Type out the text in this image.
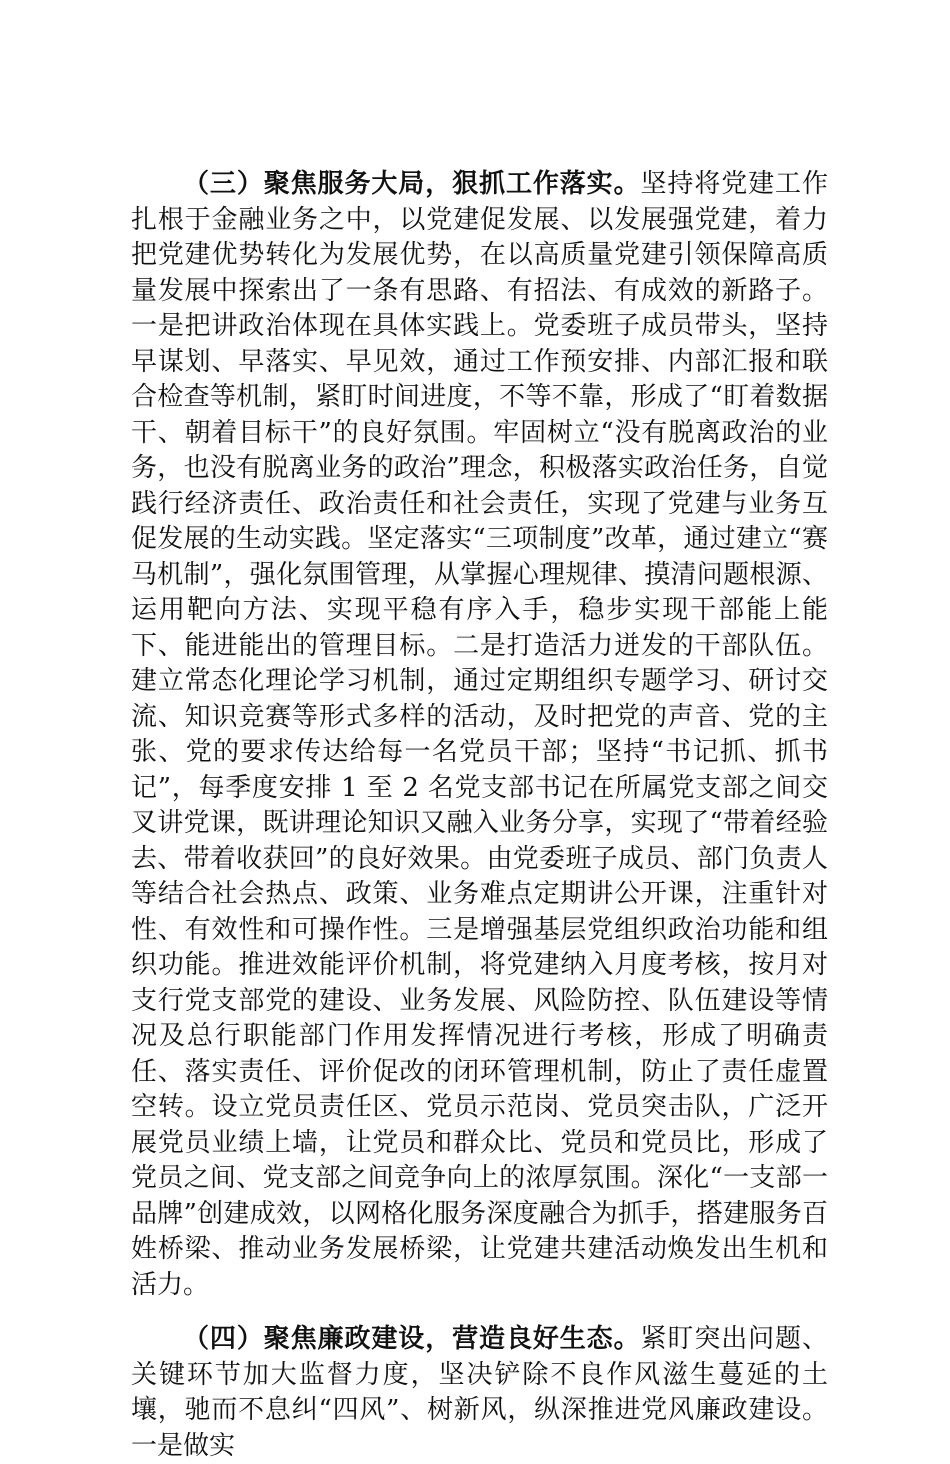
（三）聚焦服务大局，狠抓工作落实。坚持将党建工作扎根于金融业务之中，以党建促发展、以发展强党建，着力把党建优势转化为发展优势，在以高质量党建引领保障高质量发展中探索出了一条有思路、有招法、有成效的新路子。一是把讲政治体现在具体实践上。党委班子成员带头，坚持早谋划、早落实、早见效，通过工作预安排、内部汇报和联合检查等机制，紧盯时间进度，不等不靠，形成了“盯着数据干、朝着目标干”的良好氛围。牢固树立“没有脱离政治的业务，也没有脱离业务的政治”理念，积极落实政治任务，自觉践行经济责任、政治责任和社会责任，实现了党建与业务互促发展的生动实践。坚定落实“三项制度”改革，通过建立“赛马机制”，强化氛围管理，从掌握心理规律、摸清问题根源、运用靶向方法、实现平稳有序入手，稳步实现干部能上能下、能进能出的管理目标。二是打造活力迸发的干部队伍。建立常态化理论学习机制，通过定期组织专题学习、研讨交流、知识竞赛等形式多样的活动，及时把党的声音、党的主张、党的要求传达给每一名党员干部；坚持“书记抓、抓书记”，每季度安排 1 至 2 名党支部书记在所属党支部之间交叉讲党课，既讲理论知识又融入业务分享，实现了“带着经验去、带着收获回”的良好效果。由党委班子成员、部门负责人等结合社会热点、政策、业务难点定期讲公开课，注重针对性、有效性和可操作性。三是增强基层党组织政治功能和组织功能。推进效能评价机制，将党建纳入月度考核，按月对支行党支部党的建设、业务发展、风险防控、队伍建设等情况及总行职能部门作用发挥情况进行考核，形成了明确责任、落实责任、评价促改的闭环管理机制，防止了责任虚置空转。设立党员责任区、党员示范岗、党员突击队，广泛开展党员业绩上墙，让党员和群众比、党员和党员比，形成了党员之间、党支部之间竞争向上的浓厚氛围。深化“一支部一品牌”创建成效，以网格化服务深度融合为抓手，搭建服务百姓桥梁、推动业务发展桥梁，让党建共建活动焕发出生机和活力。

（四）聚焦廉政建设，营造良好生态。紧盯突出问题、关键环节加大监督力度，坚决铲除不良作风滋生蔓延的土壤，驰而不息纠“四风”、树新风，纵深推进党风廉政建设。一是做实
